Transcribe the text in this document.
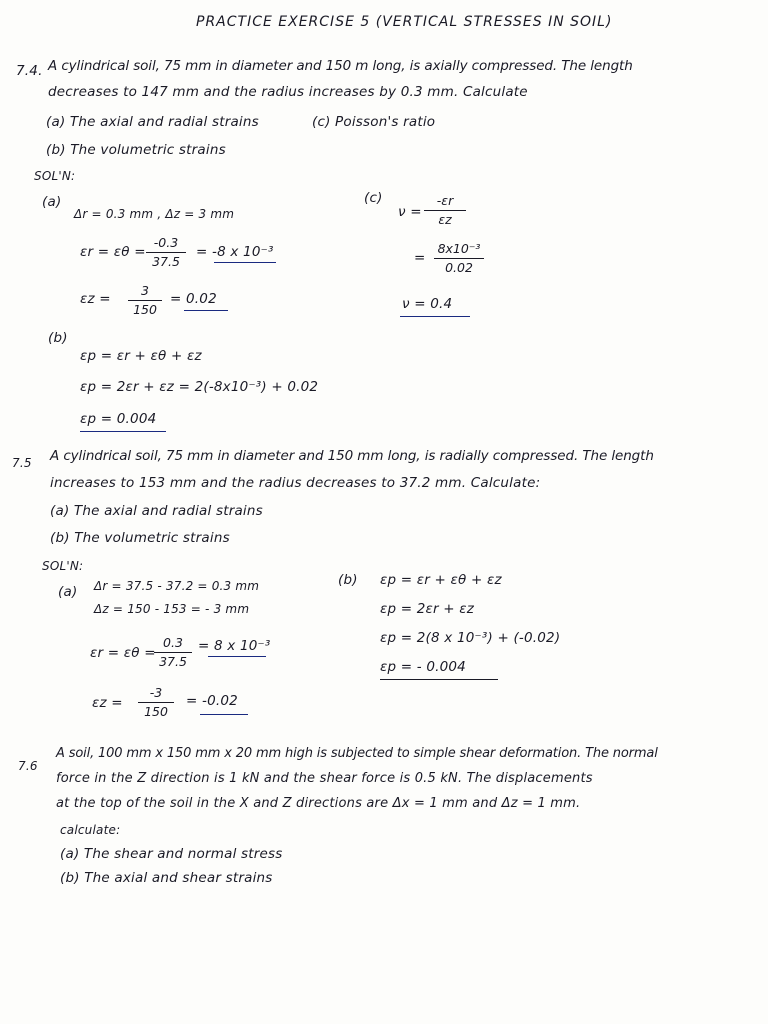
PRACTICE EXERCISE 5 (VERTICAL STRESSES IN SOIL)
7.4. A cylindrical soil, 75 mm in diameter and 150 m long, is axially compressed. The length
decreases to 147 mm and the radius increases by 0.3 mm. Calculate
(a) The axial and radial strains	(c) Poisson's ratio
(b) The volumetric strains
SOL'N:
(a)
Δr = 0.3 mm , Δz = 3 mm
$\varepsilon r = \varepsilon\theta = \frac{-0.3}{37.5} = -8$ x 10⁻³
$\varepsilon z = \frac{3}{150} = 0.02$
(b)
εp = εr + εθ + εz
εp = 2εr + εz = 2(-8x10⁻³) + 0.02
εp = 0.004
(c)
$\nu = \frac{-\varepsilon r}{\varepsilon z}$
= $\frac{\text{8x10⁻³}}{0.02}$
ν = 0.4
7.5 A cylindrical soil, 75 mm in diameter and 150 mm long, is radially compressed. The length
increases to 153 mm and the radius decreases to 37.2 mm. Calculate:
(a) The axial and radial strains
(b) The volumetric strains
SOL'N:
(a) Δr = 37.5 - 37.2 = 0.3 mm
Δz = 150 - 153 = - 3 mm
εr = εθ =
$\frac{0.3}{37.5} = 8$ x 10⁻³
$\varepsilon z = \frac{-3}{150} = -0.02$
(b) εp = εr + εθ + εz
εp = 2εr + εz
εp = 2(8 x 10⁻³) + (-0.02)
εp = - 0.004
7.6
A soil, 100 mm x 150 mm x 20 mm high is subjected to simple shear deformation. The normal
force in the Z direction is 1 kN and the shear force is 0.5 kN. The displacements
at the top of the soil in the X and Z directions are Δx = 1 mm and Δz = 1 mm.
calculate:
(a) The shear and normal stress
(b) The axial and shear strains
